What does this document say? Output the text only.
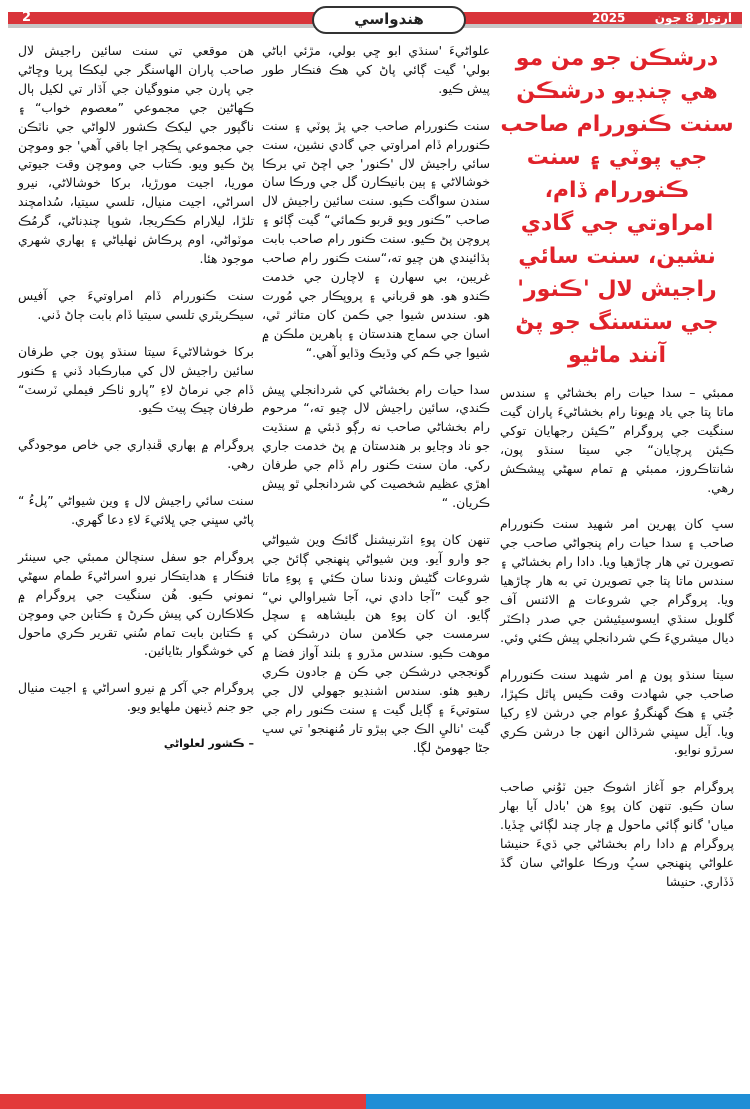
2	هندواسي	2025 آرتوار 8 جون
درشڪن جو من مو هي چنڊيو درشڪن سنت ڪنوررام صاحب جي پوٽي ۽ سنت ڪنوررام ڏام، امراوتي جي گادي نشين، سنت سائي راجيش لال 'ڪنور' جي ستسنگ جو پڻ آنند ماڻيو

ممبئي – سدا حيات رام بخشاڻي ۽ سندس ماتا پتا جي ياد ۾يونا رام بخشاڻيءَ پاران گيت سنگيت جي پروگرام ”ڪيئن رجهايان توکي ڪيئن پرچايان“ جي سيتا سنڌو پون، شانتاڪروز، ممبئي ۾ تمام سهڻي پيشڪش رهي.

سڀ کان پهرين امر شهيد سنت ڪنوررام صاحب ۽ سدا حيات رام پنجواڻي صاحب جي تصويرن تي هار چاڙهيا ويا. دادا رام بخشاڻي ۽ سندس ماتا پتا جي تصويرن تي به هار چاڙهيا ويا. پروگرام جي شروعات ۾ الائنس آف گلوبل سنڌي ايسوسيئيشن جي صدر ڊاڪٽر ديال ميشريءَ ڪي شردانجلي پيش ڪئي وئي.

سيتا سنڌو پون ۾ امر شهيد سنت ڪنوررام صاحب جي شهادت وقت ڪيس پاٿل ڪپڙا، جُتي ۽ هڪ گهنگروُ عوام جي درشن لاءِ رکيا ويا. آيل سڀني شرڌالن انهن جا درشن ڪري سرڙو نوايو.

پروگرام جو آغاز اشوڪ جين ٽوُني صاحب سان ڪيو. تنهن کان پوءِ هن 'بادل آيا بهار مياں' گانو ڳائي ماحول ۾ چار چند لڳائي ڇڏيا. پروگرام ۾ دادا رام بخشاڻي جي ڌيءَ حنيشا علواڻي پنهنجي سڀُ ورڪا علواڻي سان گڏ ڏڏاري. حنيشا

علواڻيءَ 'سنڌي ابو ڇي بولي، مڙئي اباڻي بولي' گيت ڳائي پاڻ کي هڪ فنڪار طور پيش ڪيو.

سنت ڪنوررام صاحب جي پڙ پوٽي ۽ سنت ڪنوررام ڏام امراوتي جي گادي نشين، سنت سائي راجيش لال 'ڪنور' جي اچڻ تي برڪا خوشالاڻي ۽ ٻين بانيڪارن گل جي ورڪا سان سندن سواگت ڪيو. سنت سائين راجيش لال صاحب ”ڪنور ويو قربو ڪمائي“ گيت ڳائو ۽ پروچن پڻ ڪيو. سنت ڪنور رام صاحب بابت ٻڌائيندي هن چيو ته،“سنت ڪنور رام صاحب غريبن، بي سهارن ۽ لاچارن جي خدمت ڪندو هو. هو قرباني ۽ پروپڪار جي مُورت هو. سندس شيوا جي ڪمن کان متاثر ٿي، اسان جي سماج هندستان ۽ ٻاهرين ملڪن ۾ شيوا جي ڪم کي وڌيڪ وڌايو آهي.“

سدا حيات رام بخشاڻي کي شردانجلي پيش ڪندي، سائين راجيش لال چيو ته،“ مرحوم رام بخشاڻي صاحب نه رڳو ڌبئي ۾ سنڌيت جو ناد وڄايو بر هندستان ۾ پڻ خدمت جاري رکي. مان سنت ڪنور رام ڏام جي طرفان اهڙي عظيم شخصيت کي شردانجلي ٿو پيش ڪريان. “

تنهن کان پوءِ انٽرنيشنل گائڪ وين شيواڻي جو وارو آيو. وين شيواڻي پنهنجي ڳائڻ جي شروعات گڻيش وندنا سان ڪئي ۽ پوءِ ماتا جو گيت ”آجا دادي ني، آجا شيراوالي ني“ ڳايو. ان کان پوءِ هن بليشاهه ۽ سچل سرمست جي ڪلامن سان درشڪن کي موهت ڪيو. سندس مڌرو ۽ بلند آواز فضا ۾ گونججي درشڪن جي ڪن ۾ جادون ڪري رهيو هئو. سندس اشنڊيو جهولي لال جي ستوتيءَ ۽ ڳايل گيت ۽ سنت ڪنور رام جي گيت 'ناليِ الڪ جي ٻيڙو تار مُنهنجو' تي سڀ جڻا جهومڻ لڳا.

هن موقعي تي سنت سائين راجيش لال صاحب پاران الهاسنگر جي ليکڪا پريا وڇاڻي جي پارن جي منووگيان جي آڌار تي لکيل ٻال ڪهاڻين جي مجموعي ”معصوم خواب“ ۽ ناگپور جي ليکڪ ڪشور لالواڻي جي ناٽڪن جي مجموعي ڀڪچر اڃا باقي آهي' جو وموچن پڻ ڪيو ويو. ڪتاب جي وموچن وقت جيوتي موريا، اجيت مورڙيا، برکا خوشالاڻي، نيرو اسراڻي، اجيت منيال، تلسي سيتيا، سُدامچند تلڙا، ليلارام ڪڪريجا، شوپا چنڊناڻي، گرمُڪ موٽواڻي، اوم پرڪاش ٺهلياڻي ۽ ٻهاري شهري موجود هئا.

سنت ڪنوررام ڏام امراوتيءَ جي آفيس سيڪريٽري تلسي سيتيا ڏام بابت ڄاڻ ڏني.

برکا خوشالاڻيءَ سيتا سنڌو پون جي طرفان سائين راجيش لال کي مبارڪباد ڏني ۽ ڪنور ڏام جي نرماڻ لاءِ ”پارو ٺاڪر فيملي ٽرسٽ“ طرفان چيڪ پيٽ ڪيو.

پروگرام ۾ ٻهاري ڦنڊاري جي خاص موجودگي رهي.

سنت سائي راجيش لال ۽ وين شيواڻي ”پلءُ “ پاڻي سڀني جي ڀلائيءَ لاءِ دعا گهري.

پروگرام جو سفل سنچالن ممبئي جي سينئر فنڪار ۽ هدايتڪار نيرو اسراڻيءَ طمام سهڻي نموني ڪيو. هُن سنگيت جي پروگرام ۾ ڪلاڪارن کي پيش ڪرڻ ۽ ڪتابن جي وموچن ۽ ڪتابن بابت تمام سُني تقرير ڪري ماحول کي خوشگوار بڻايائين.

پروگرام جي آکر ۾ نيرو اسراڻي ۽ اجيت منيال جو جنم ڏينهن ملهايو ويو.

– ڪشور لعلواڻي
